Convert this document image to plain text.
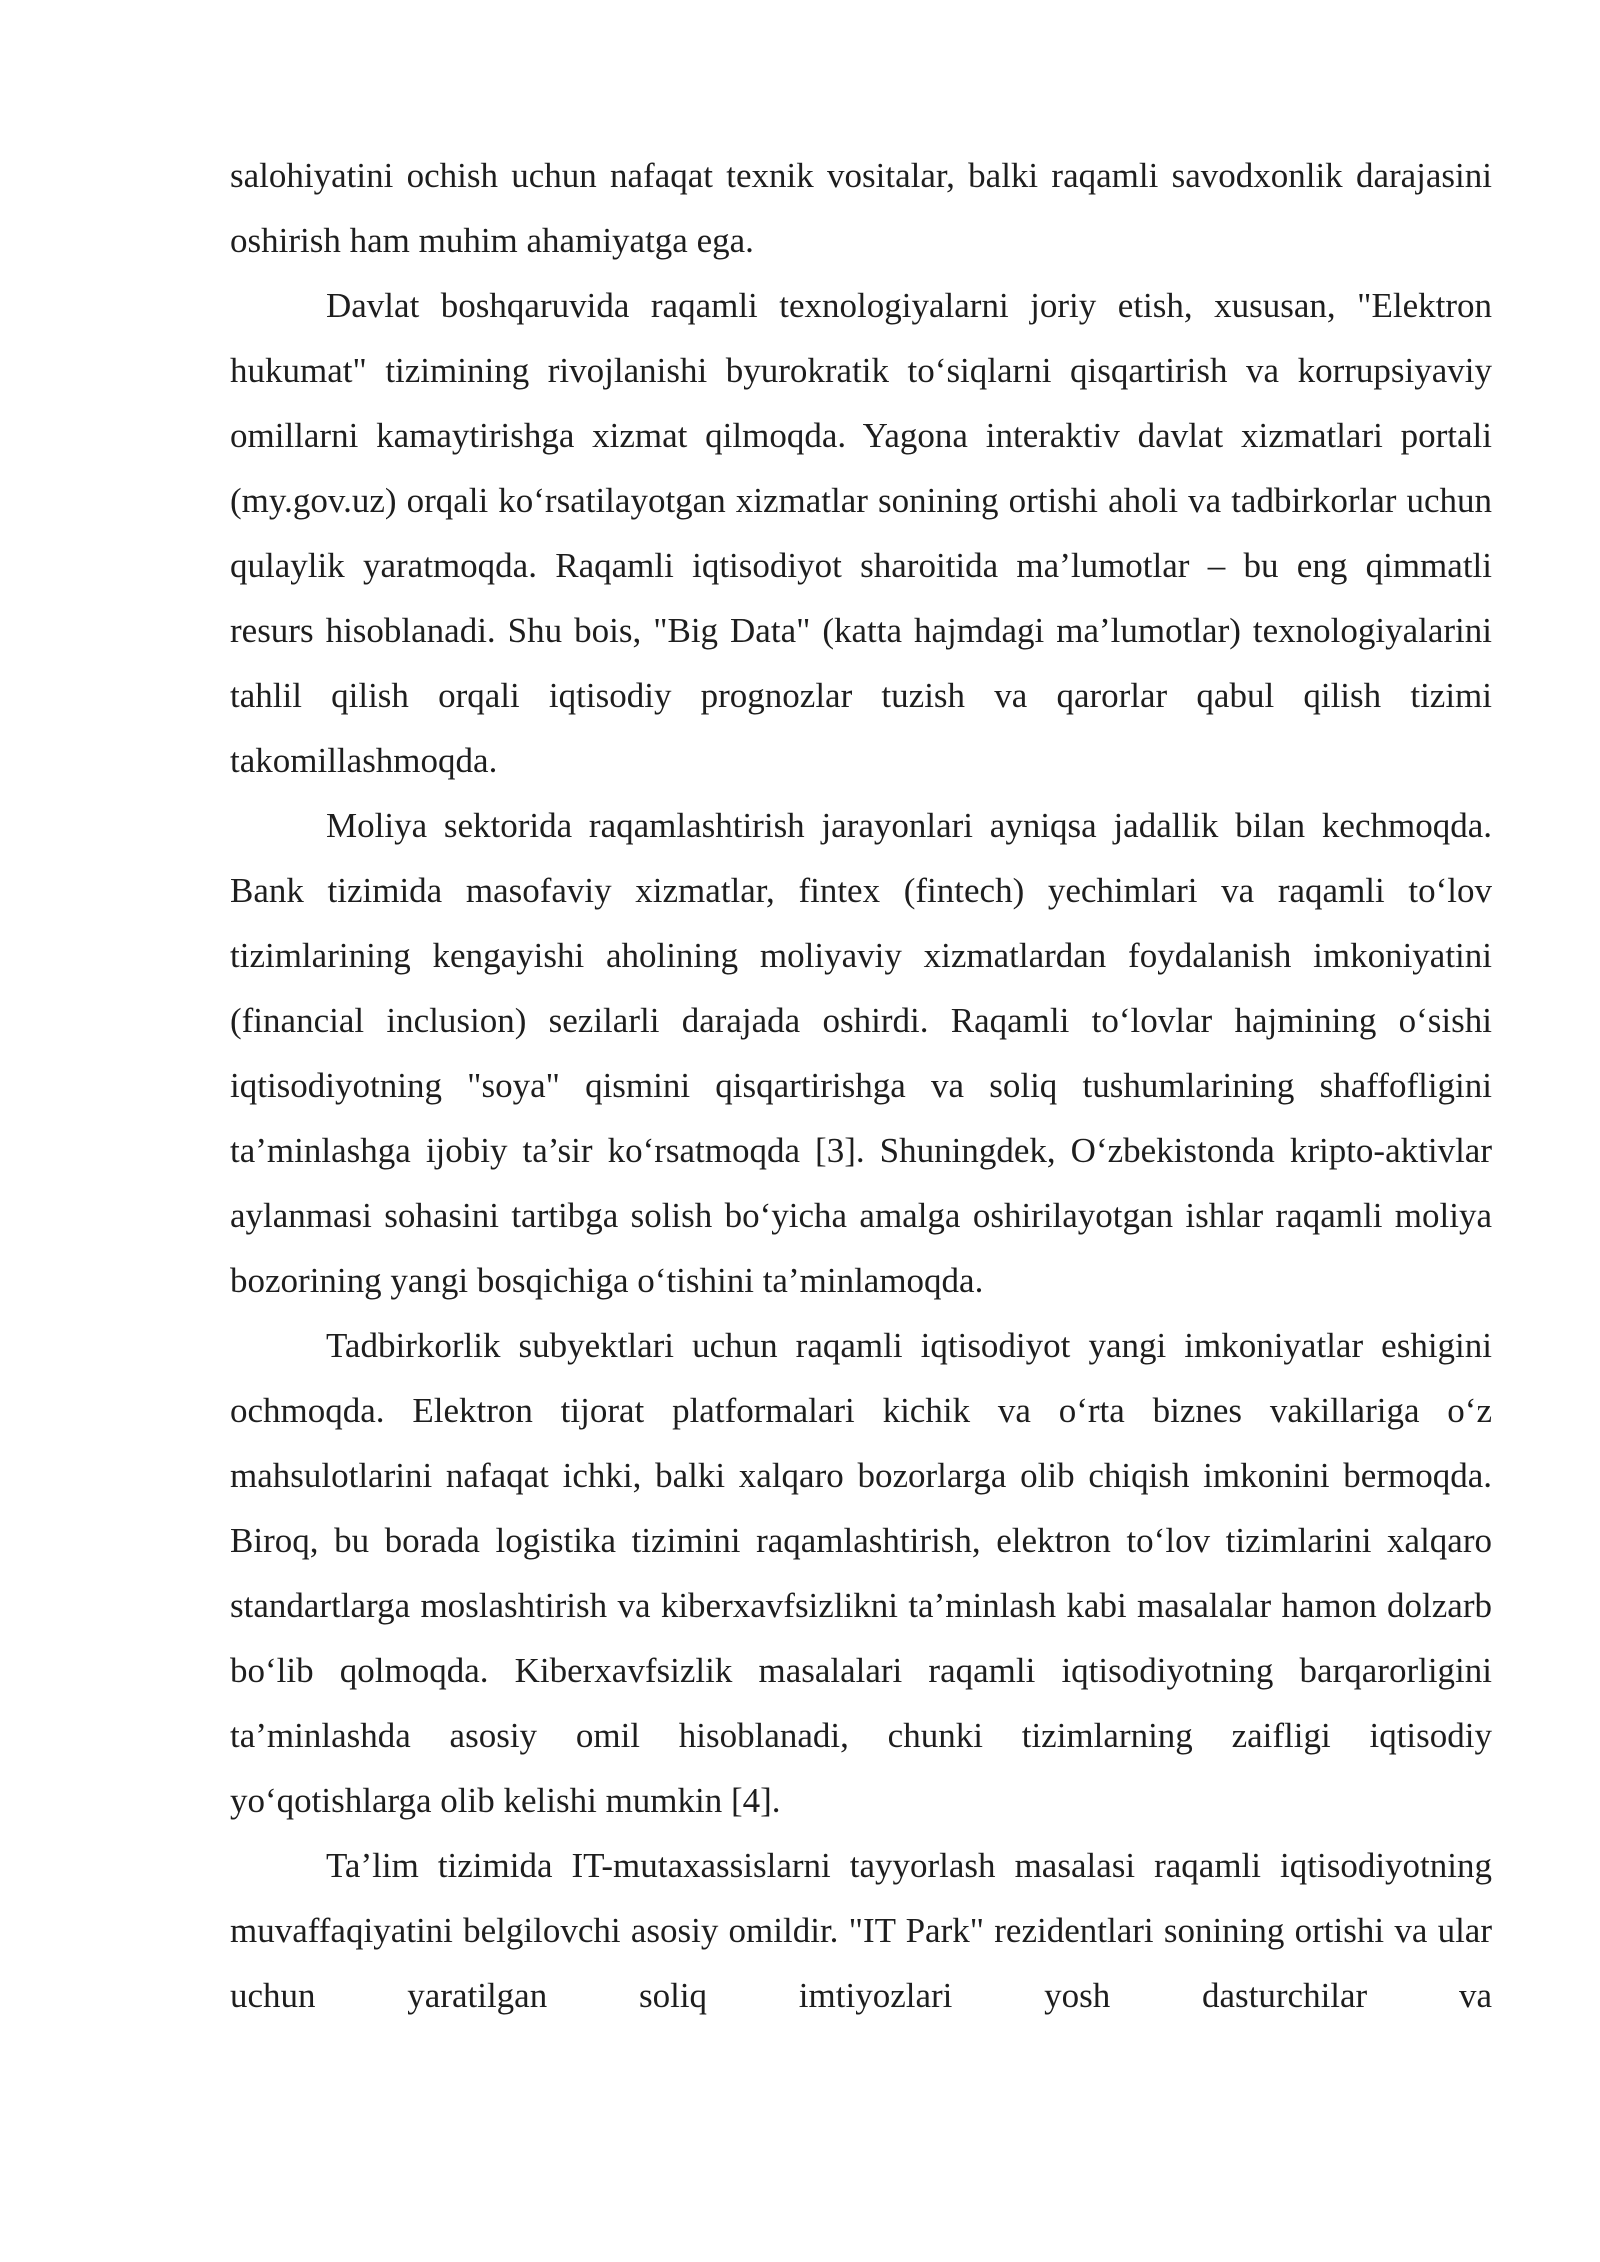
salohiyatini ochish uchun nafaqat texnik vositalar, balki raqamli savodxonlik darajasini oshirish ham muhim ahamiyatga ega.

Davlat boshqaruvida raqamli texnologiyalarni joriy etish, xususan, "Elektron hukumat" tizimining rivojlanishi byurokratik to‘siqlarni qisqartirish va korrupsiyaviy omillarni kamaytirishga xizmat qilmoqda. Yagona interaktiv davlat xizmatlari portali (my.gov.uz) orqali ko‘rsatilayotgan xizmatlar sonining ortishi aholi va tadbirkorlar uchun qulaylik yaratmoqda. Raqamli iqtisodiyot sharoitida ma’lumotlar – bu eng qimmatli resurs hisoblanadi. Shu bois, "Big Data" (katta hajmdagi ma’lumotlar) texnologiyalarini tahlil qilish orqali iqtisodiy prognozlar tuzish va qarorlar qabul qilish tizimi takomillashmoqda.

Moliya sektorida raqamlashtirish jarayonlari ayniqsa jadallik bilan kechmoqda. Bank tizimida masofaviy xizmatlar, fintex (fintech) yechimlari va raqamli to‘lov tizimlarining kengayishi aholining moliyaviy xizmatlardan foydalanish imkoniyatini (financial inclusion) sezilarli darajada oshirdi. Raqamli to‘lovlar hajmining o‘sishi iqtisodiyotning "soya" qismini qisqartirishga va soliq tushumlarining shaffofligini ta’minlashga ijobiy ta’sir ko‘rsatmoqda [3]. Shuningdek, O‘zbekistonda kripto-aktivlar aylanmasi sohasini tartibga solish bo‘yicha amalga oshirilayotgan ishlar raqamli moliya bozorining yangi bosqichiga o‘tishini ta’minlamoqda.

Tadbirkorlik subyektlari uchun raqamli iqtisodiyot yangi imkoniyatlar eshigini ochmoqda. Elektron tijorat platformalari kichik va o‘rta biznes vakillariga o‘z mahsulotlarini nafaqat ichki, balki xalqaro bozorlarga olib chiqish imkonini bermoqda. Biroq, bu borada logistika tizimini raqamlashtirish, elektron to‘lov tizimlarini xalqaro standartlarga moslashtirish va kiberxavfsizlikni ta’minlash kabi masalalar hamon dolzarb bo‘lib qolmoqda. Kiberxavfsizlik masalalari raqamli iqtisodiyotning barqarorligini ta’minlashda asosiy omil hisoblanadi, chunki tizimlarning zaifligi iqtisodiy yo‘qotishlarga olib kelishi mumkin [4].

Ta’lim tizimida IT-mutaxassislarni tayyorlash masalasi raqamli iqtisodiyotning muvaffaqiyatini belgilovchi asosiy omildir. "IT Park" rezidentlari sonining ortishi va ular uchun yaratilgan soliq imtiyozlari yosh dasturchilar va
